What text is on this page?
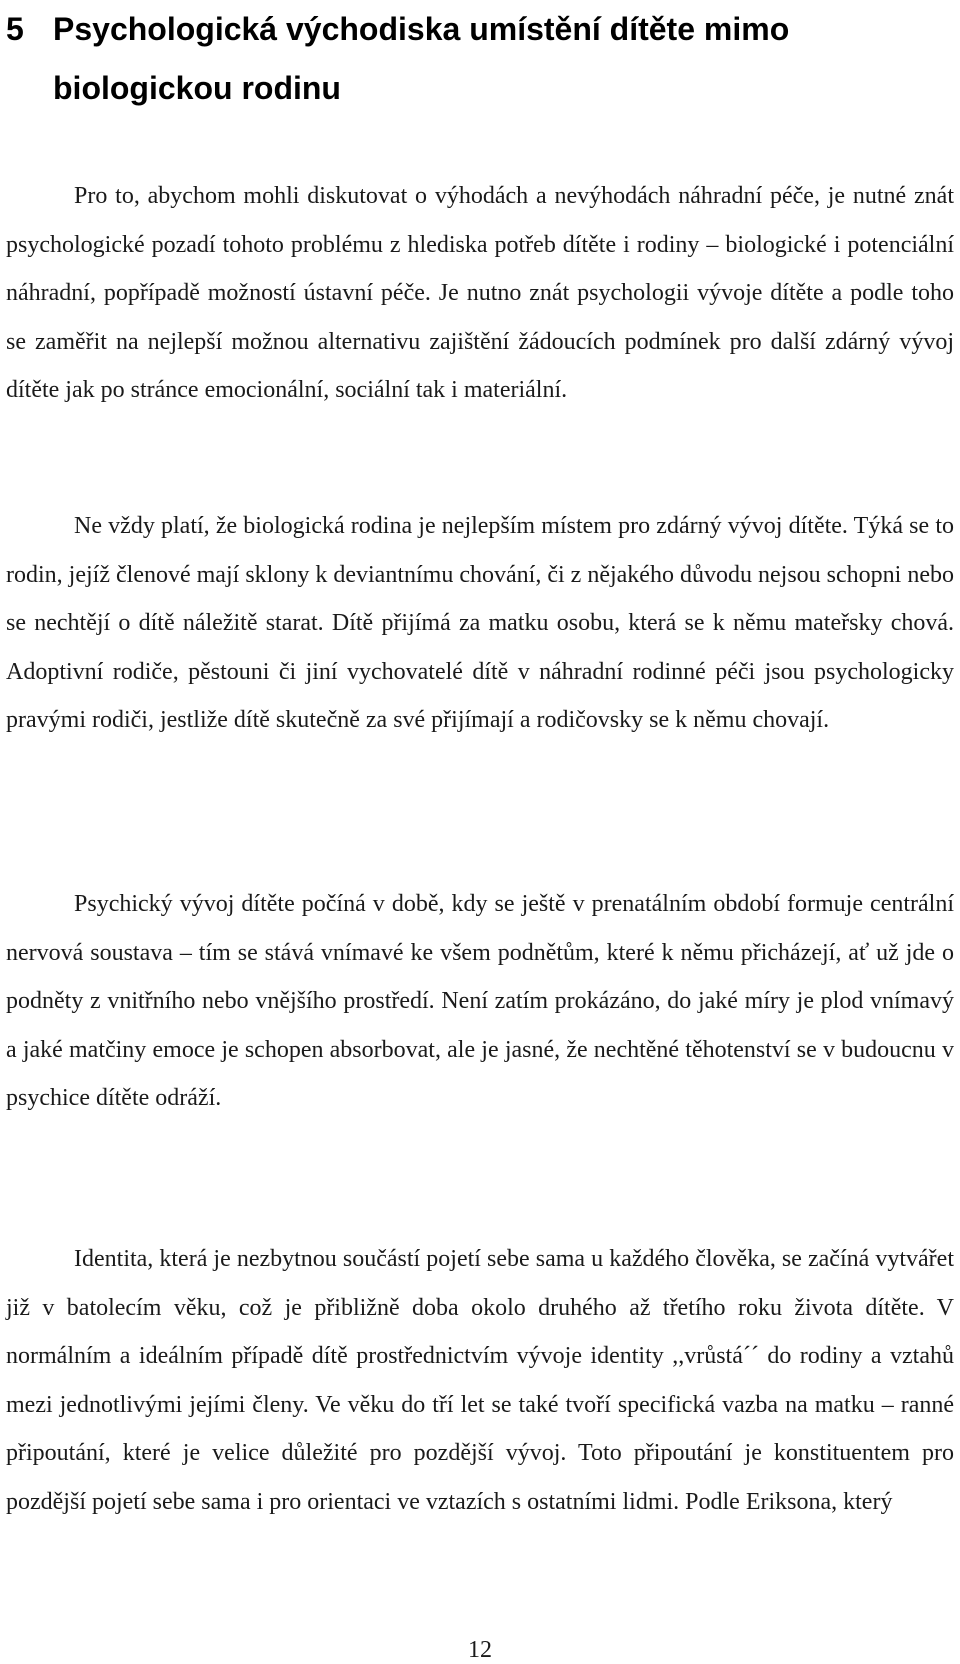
5 Psychologická východiska umístění dítěte mimo biologickou rodinu

Pro to, abychom mohli diskutovat o výhodách a nevýhodách náhradní péče, je nutné znát psychologické pozadí tohoto problému z hlediska potřeb dítěte i rodiny – biologické i potenciální náhradní, popřípadě možností ústavní péče. Je nutno znát psychologii vývoje dítěte a podle toho se zaměřit na nejlepší možnou alternativu zajištění žádoucích podmínek pro další zdárný vývoj dítěte jak po stránce emocionální, sociální tak i materiální.

Ne vždy platí, že biologická rodina je nejlepším místem pro zdárný vývoj dítěte. Týká se to rodin, jejíž členové mají sklony k deviantnímu chování, či z nějakého důvodu nejsou schopni nebo se nechtějí o dítě náležitě starat. Dítě přijímá za matku osobu, která se k němu mateřsky chová. Adoptivní rodiče, pěstouni či jiní vychovatelé dítě v náhradní rodinné péči jsou psychologicky pravými rodiči, jestliže dítě skutečně za své přijímají a rodičovsky se k němu chovají.

Psychický vývoj dítěte počíná v době, kdy se ještě v prenatálním období formuje centrální nervová soustava – tím se stává vnímavé ke všem podnětům, které k němu přicházejí, ať už jde o podněty z vnitřního nebo vnějšího prostředí. Není zatím prokázáno, do jaké míry je plod vnímavý a jaké matčiny emoce je schopen absorbovat, ale je jasné, že nechtěné těhotenství se v budoucnu v psychice dítěte odráží.

Identita, která je nezbytnou součástí pojetí sebe sama u každého člověka, se začíná vytvářet již v batolecím věku, což je přibližně doba okolo druhého až třetího roku života dítěte. V normálním a ideálním případě dítě prostřednictvím vývoje identity ,,vrůstá´´ do rodiny a vztahů mezi jednotlivými jejími členy. Ve věku do tří let se také tvoří specifická vazba na matku – ranné připoutání, které je velice důležité pro pozdější vývoj. Toto připoutání je konstituentem pro pozdější pojetí sebe sama i pro orientaci ve vztazích s ostatními lidmi. Podle Eriksona, který

12
